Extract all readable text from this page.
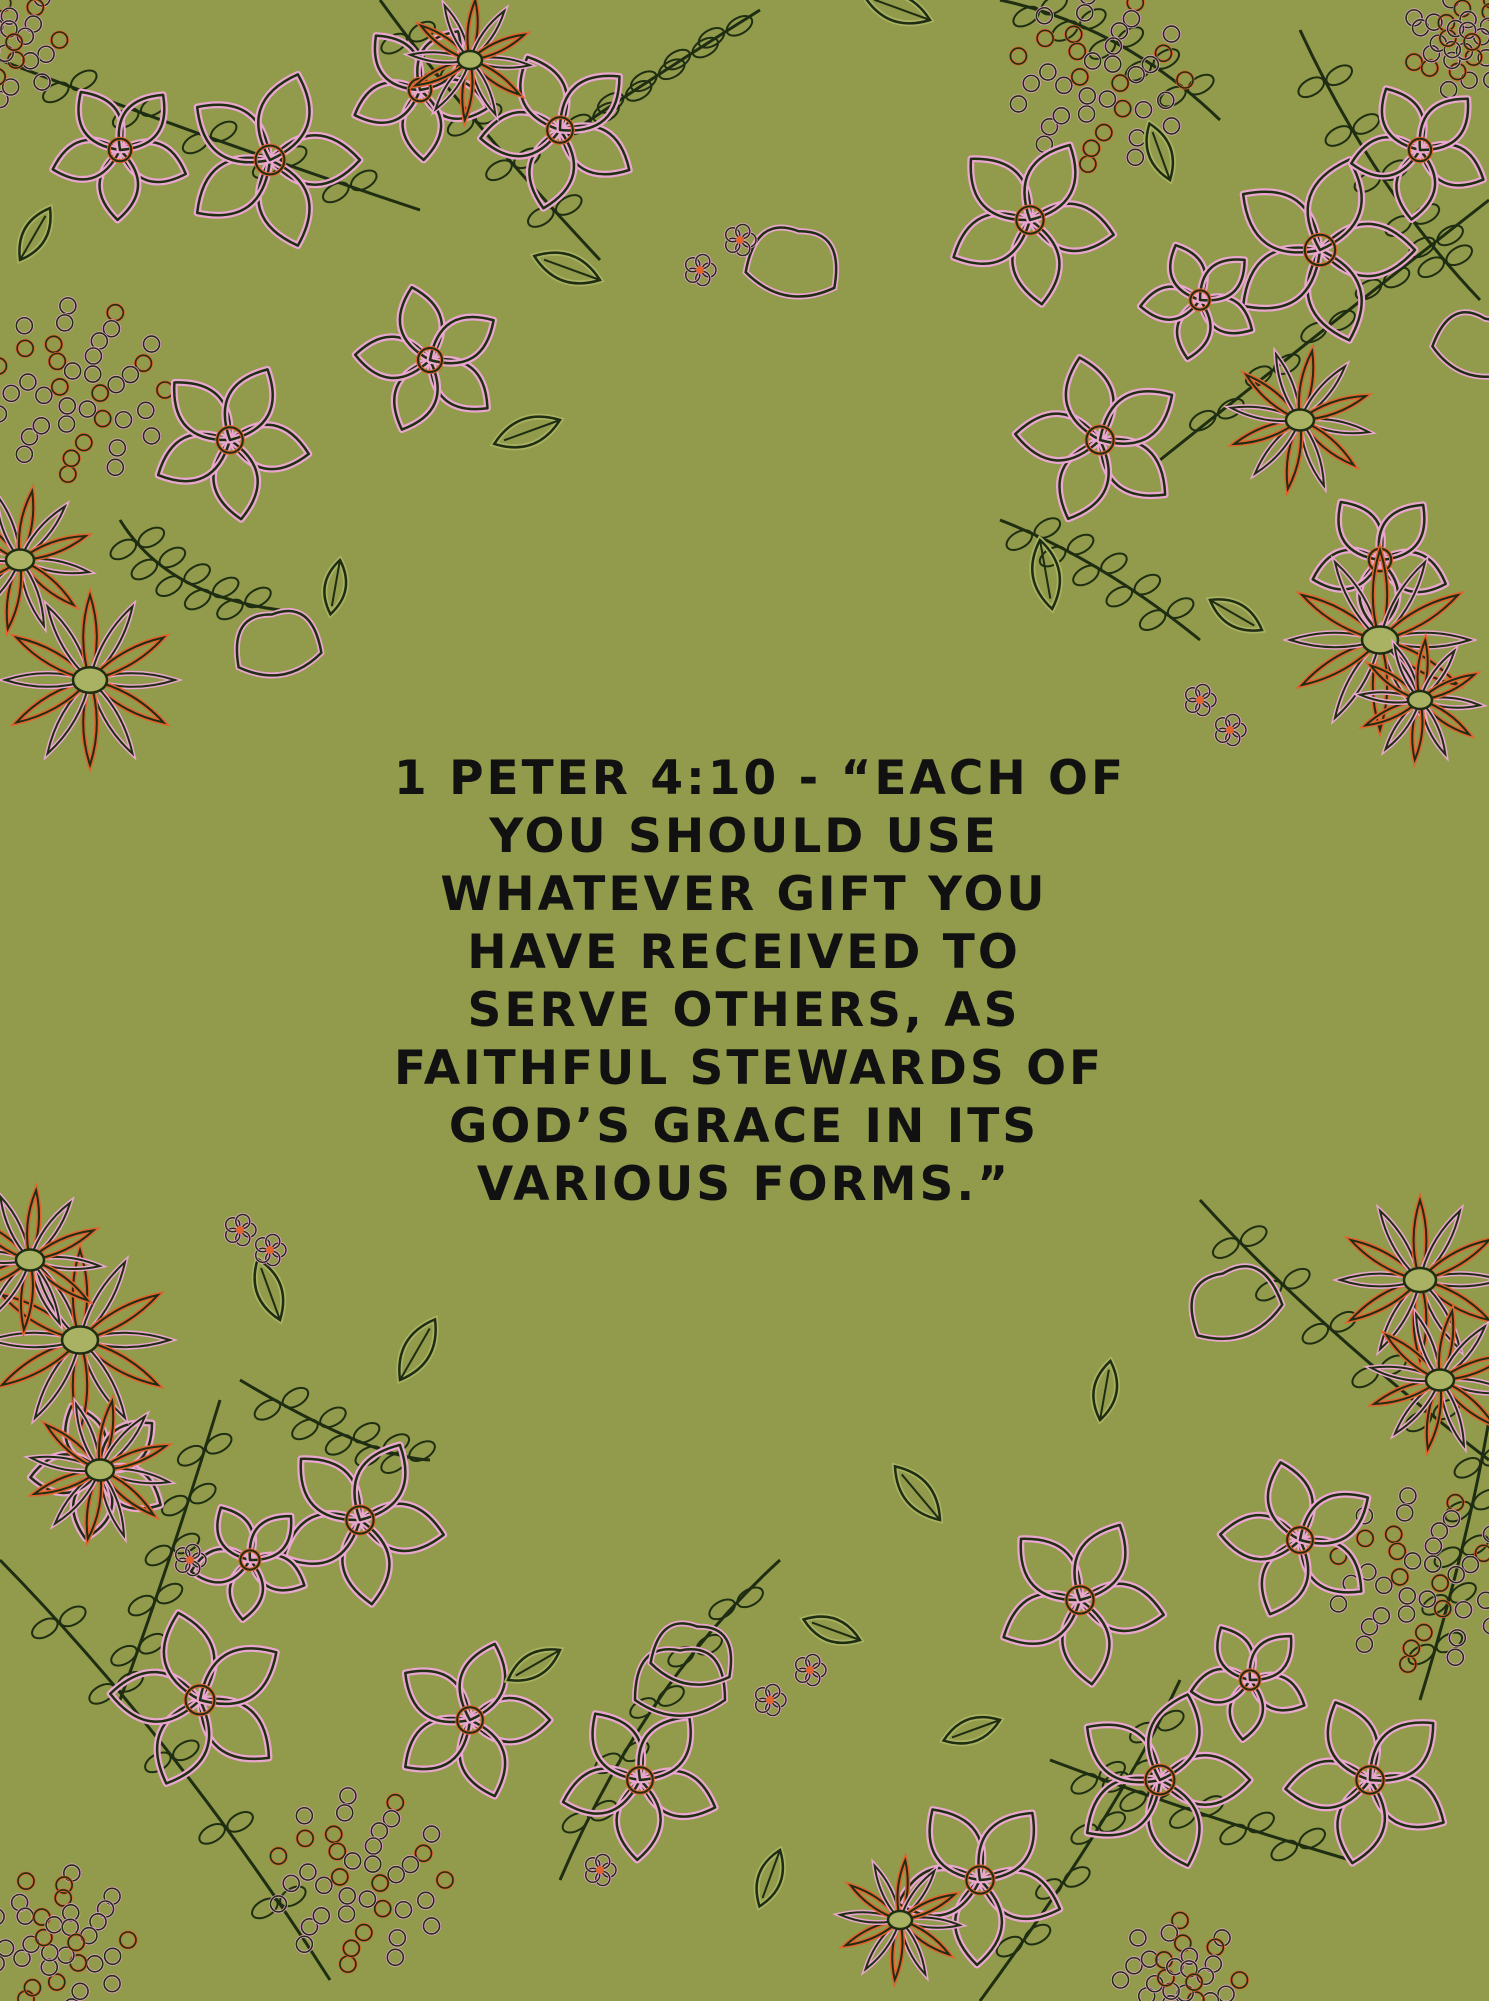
1 PETER 4:10 - “EACH OF
YOU SHOULD USE
WHATEVER GIFT YOU
HAVE RECEIVED TO
SERVE OTHERS, AS
FAITHFUL STEWARDS OF
GOD’S GRACE IN ITS
VARIOUS FORMS.”
